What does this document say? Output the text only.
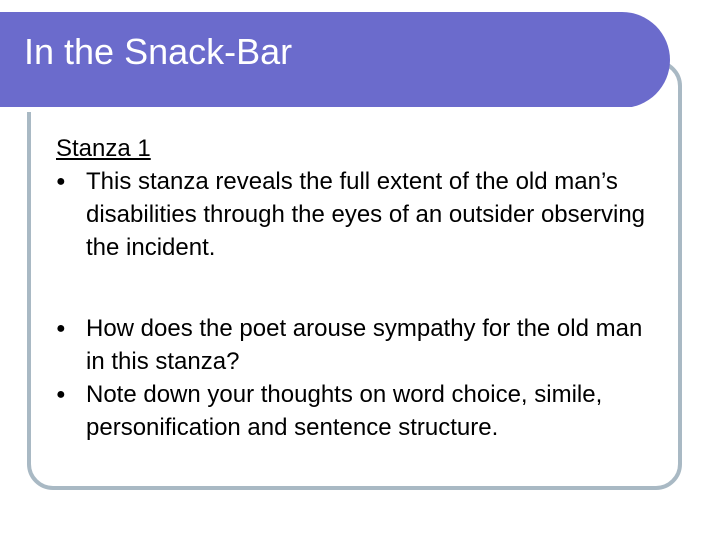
In the Snack-Bar

Stanza 1

● This stanza reveals the full extent of the old man’s disabilities through the eyes of an outsider observing the incident.

● How does the poet arouse sympathy for the old man in this stanza?

● Note down your thoughts on word choice, simile, personification and sentence structure.
